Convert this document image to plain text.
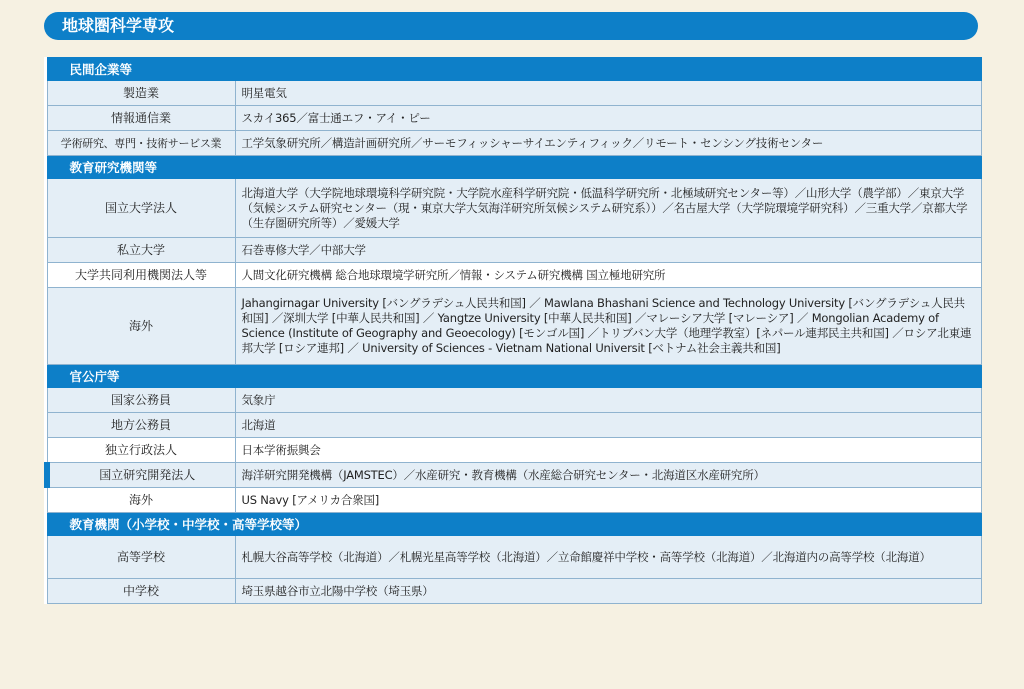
地球圏科学専攻
民間企業等	
製造業	明星電気
情報通信業	スカイ365／富士通エフ・アイ・ピー
学術研究、専門・技術サービス業	工学気象研究所／構造計画研究所／サーモフィッシャーサイエンティフィック／リモート・センシング技術センター
教育研究機関等	
国立大学法人	北海道大学（大学院地球環境科学研究院・大学院水産科学研究院・低温科学研究所・北極域研究センター等）／山形大学（農学部）／東京大学（気候システム研究センター（現・東京大学大気海洋研究所気候システム研究系））／名古屋大学（大学院環境学研究科）／三重大学／京都大学（生存圏研究所等）／愛媛大学
私立大学	石巻専修大学／中部大学
大学共同利用機関法人等	人間文化研究機構 総合地球環境学研究所／情報・システム研究機構 国立極地研究所
海外	Jahangirnagar University [バングラデシュ人民共和国] ／ Mawlana Bhashani Science and Technology University [バングラデシュ人民共和国] ／深圳大学 [中華人民共和国] ／ Yangtze University [中華人民共和国] ／マレーシア大学 [マレーシア] ／ Mongolian Academy of Science (Institute of Geography and Geoecology) [モンゴル国] ／トリブバン大学（地理学教室）[ネパール連邦民主共和国] ／ロシア北東連邦大学 [ロシア連邦] ／ University of Sciences - Vietnam National Universit [ベトナム社会主義共和国]
官公庁等	
国家公務員	気象庁
地方公務員	北海道
独立行政法人	日本学術振興会
国立研究開発法人	海洋研究開発機構（JAMSTEC）／水産研究・教育機構（水産総合研究センター・北海道区水産研究所）
海外	US Navy [アメリカ合衆国]
教育機関（小学校・中学校・高等学校等）	
高等学校	札幌大谷高等学校（北海道）／札幌光星高等学校（北海道）／立命館慶祥中学校・高等学校（北海道）／北海道内の高等学校（北海道）
中学校	埼玉県越谷市立北陽中学校（埼玉県）
